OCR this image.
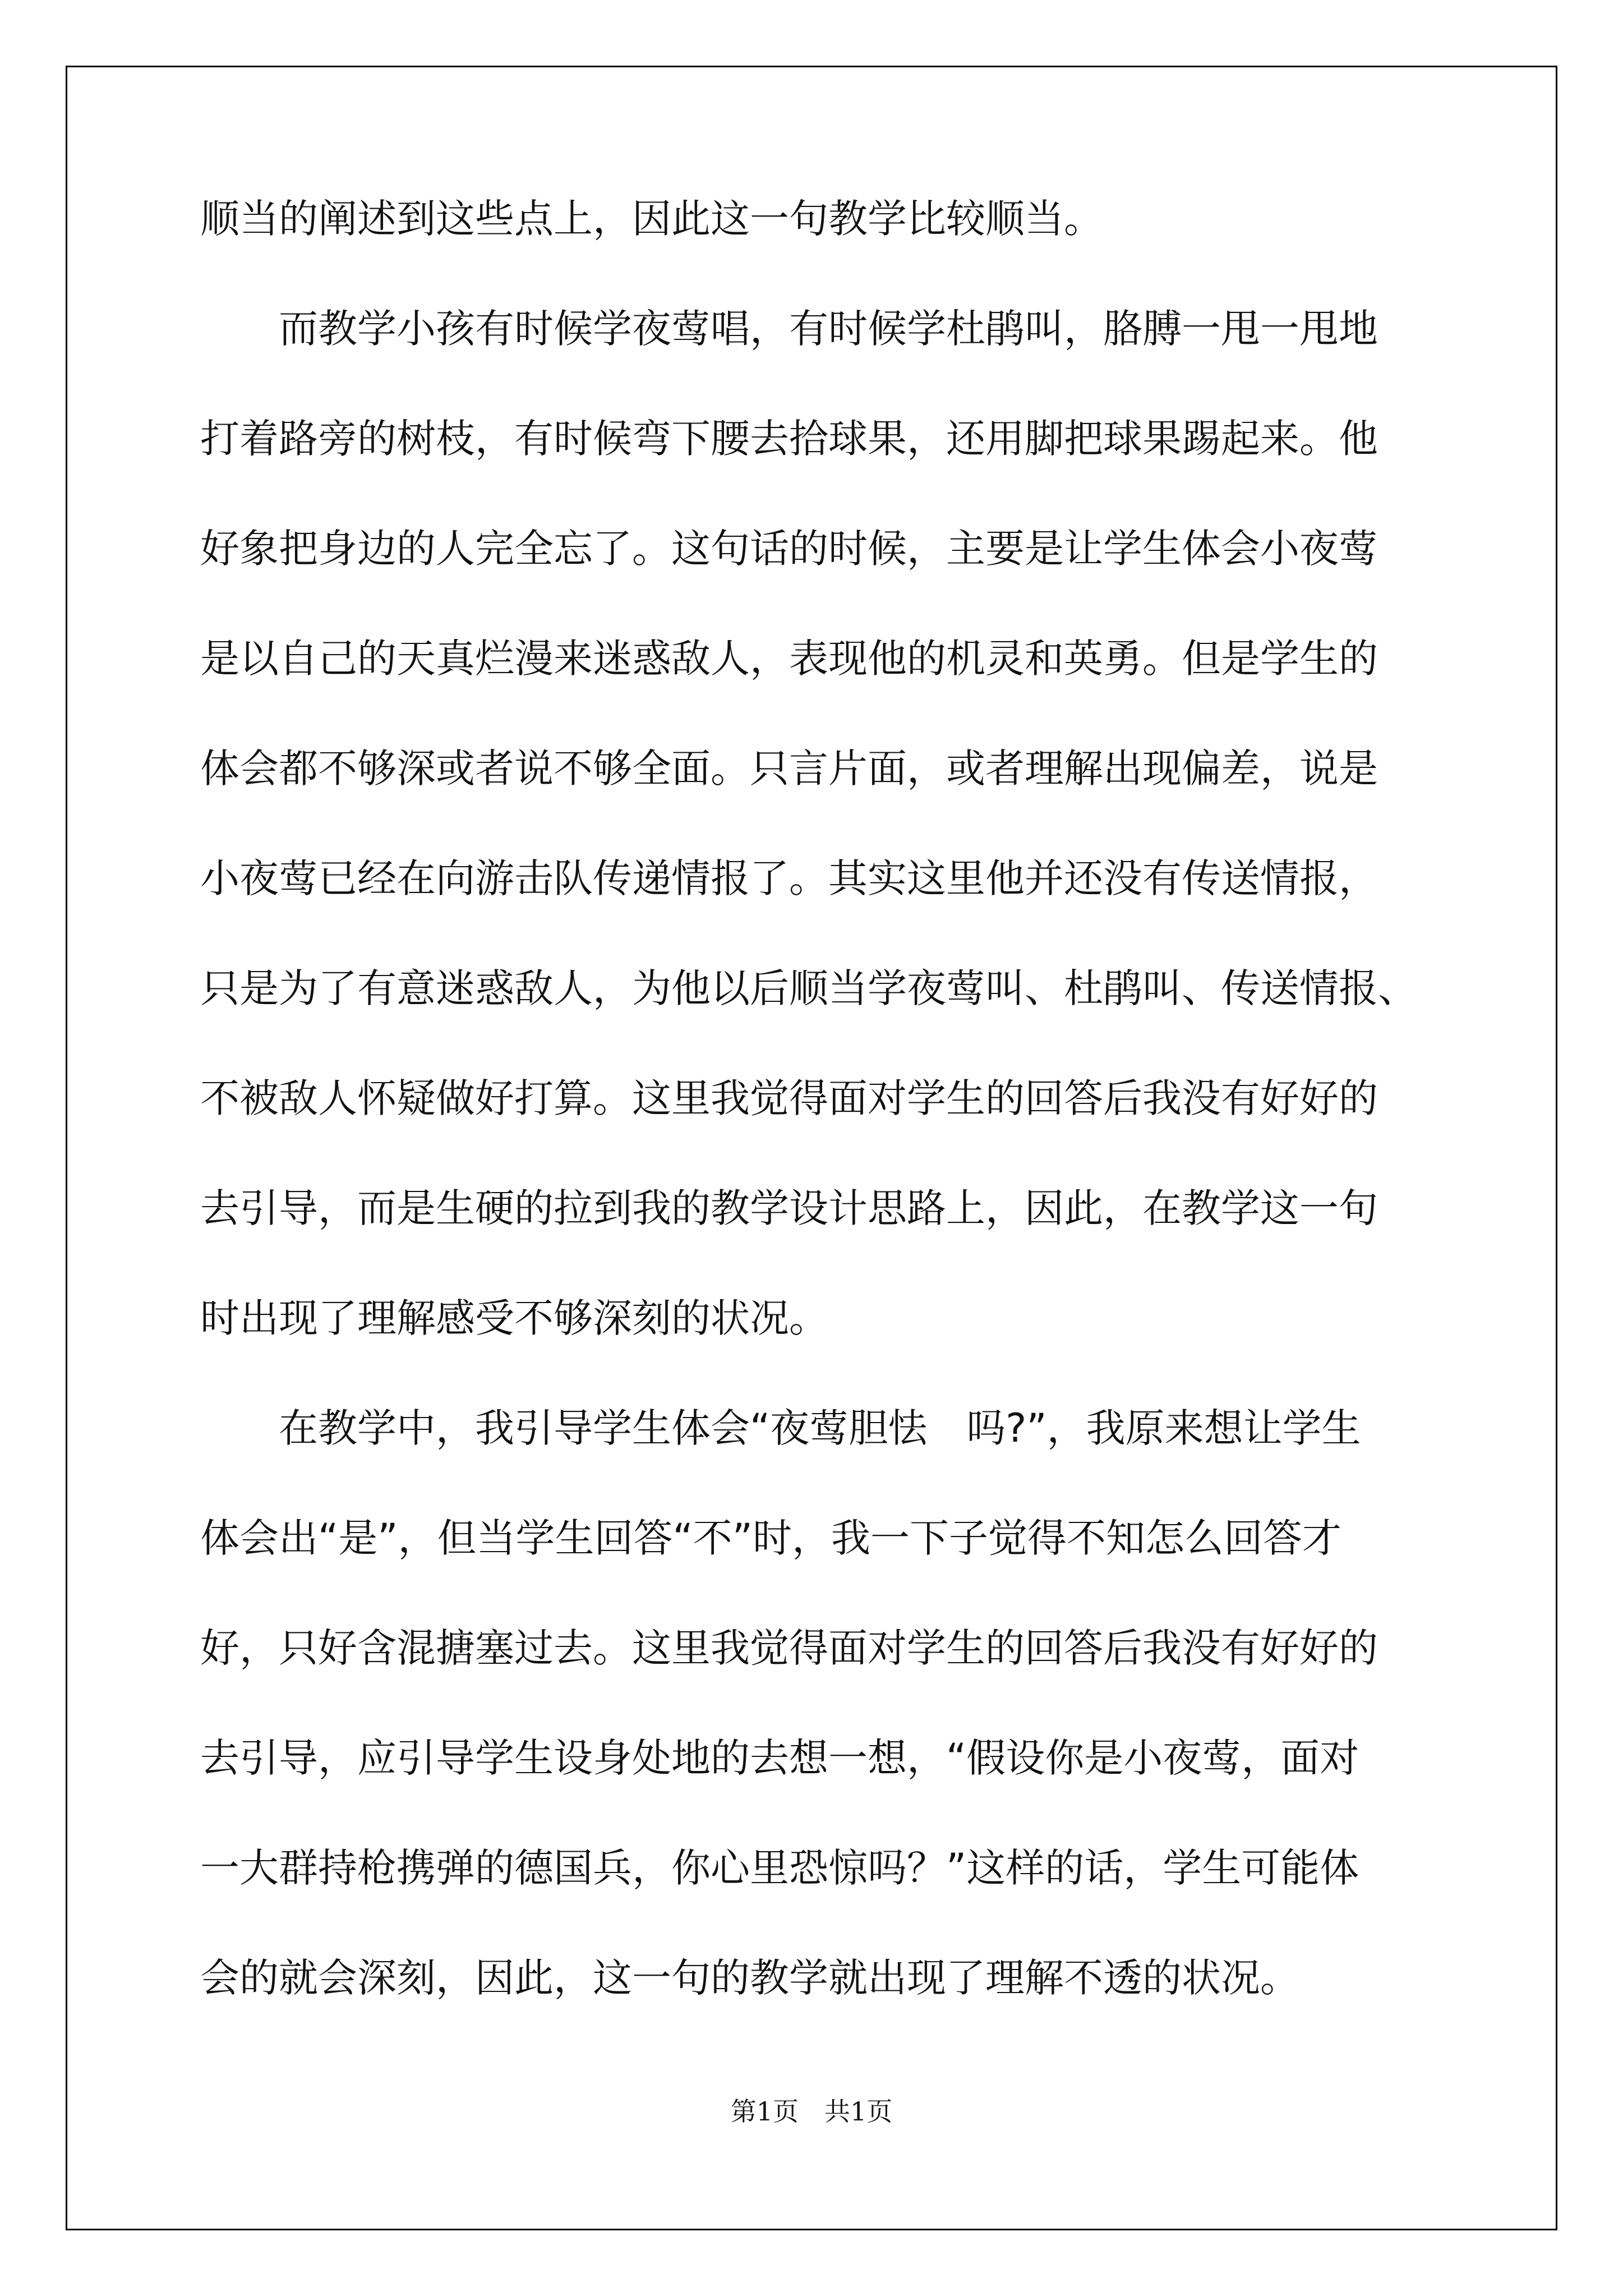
顺当的阐述到这些点上，因此这一句教学比较顺当。
　　而教学小孩有时候学夜莺唱，有时候学杜鹃叫，胳膊一甩一甩地
打着路旁的树枝，有时候弯下腰去拾球果，还用脚把球果踢起来。他
好象把身边的人完全忘了。这句话的时候，主要是让学生体会小夜莺
是以自己的天真烂漫来迷惑敌人，表现他的机灵和英勇。但是学生的
体会都不够深或者说不够全面。只言片面，或者理解出现偏差，说是
小夜莺已经在向游击队传递情报了。其实这里他并还没有传送情报，
只是为了有意迷惑敌人，为他以后顺当学夜莺叫、杜鹃叫、传送情报、
不被敌人怀疑做好打算。这里我觉得面对学生的回答后我没有好好的
去引导，而是生硬的拉到我的教学设计思路上，因此，在教学这一句
时出现了理解感受不够深刻的状况。
　　在教学中，我引导学生体会“夜莺胆怯　吗?”，我原来想让学生
体会出“是”，但当学生回答“不”时，我一下子觉得不知怎么回答才
好，只好含混搪塞过去。这里我觉得面对学生的回答后我没有好好的
去引导，应引导学生设身处地的去想一想，“假设你是小夜莺，面对
一大群持枪携弹的德国兵，你心里恐惊吗？”这样的话，学生可能体
会的就会深刻，因此，这一句的教学就出现了理解不透的状况。
第1页　共1页
